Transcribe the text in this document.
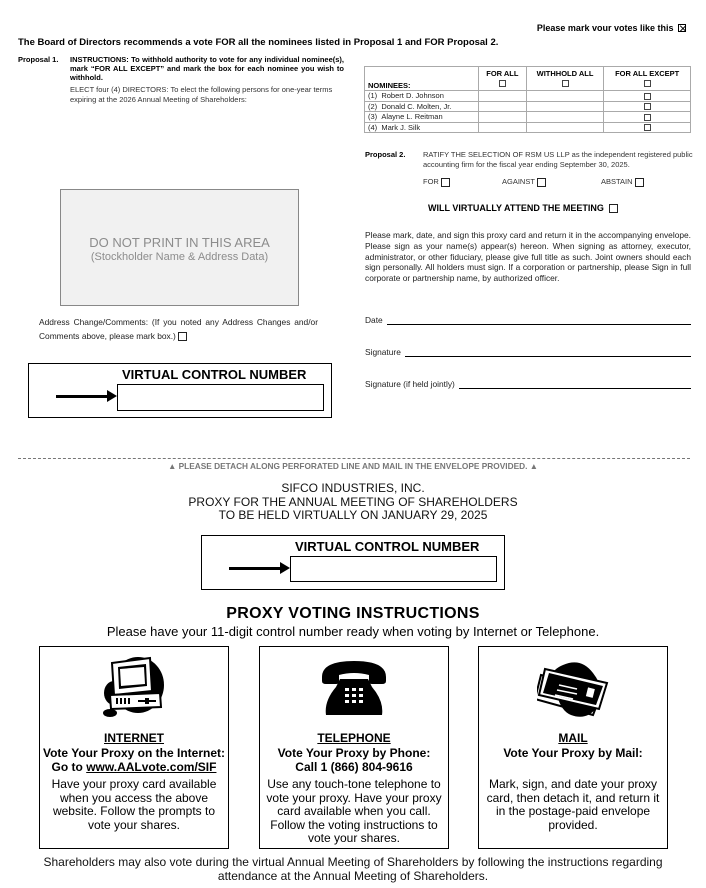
Please mark vour votes like this
The Board of Directors recommends a vote FOR all the nominees listed in Proposal 1 and FOR Proposal 2.
Proposal 1. INSTRUCTIONS: To withhold authority to vote for any individual nominee(s), mark “FOR ALL EXCEPT” and mark the box for each nominee you wish to withhold.
ELECT four (4) DIRECTORS: To elect the following persons for one-year terms expiring at the 2026 Annual Meeting of Shareholders:
NOMINEES:	FOR ALL	WITHHOLD ALL	FOR ALL EXCEPT

(1) Robert D. Johnson			
(2) Donald C. Molten, Jr.			
(3) Alayne L. Reitman			
(4) Mark J. Silk			
Proposal 2. RATIFY THE SELECTION OF RSM US LLP as the independent registered public accounting firm for the fiscal year ending September 30, 2025.
FOR	AGAINST	ABSTAIN
WILL VIRTUALLY ATTEND THE MEETING
Please mark, date, and sign this proxy card and return it in the accompanying envelope. Please sign as your name(s) appear(s) hereon. When signing as attorney, executor, administrator, or other fiduciary, please give full title as such. Joint owners should each sign personally. All holders must sign. If a corporation or partnership, please Sign in full corporate or partnership name, by authorized officer.
Date
Signature
Signature (if held jointly)
DO NOT PRINT IN THIS AREA
(Stockholder Name & Address Data)
Address Change/Comments: (If you noted any Address Changes and/or Comments above, please mark box.)
VIRTUAL CONTROL NUMBER
▲ PLEASE DETACH ALONG PERFORATED LINE AND MAIL IN THE ENVELOPE PROVIDED. ▲
SIFCO INDUSTRIES, INC.
PROXY FOR THE ANNUAL MEETING OF SHAREHOLDERS
TO BE HELD VIRTUALLY ON JANUARY 29, 2025
VIRTUAL CONTROL NUMBER
PROXY VOTING INSTRUCTIONS
Please have your 11-digit control number ready when voting by Internet or Telephone.
INTERNET
Vote Your Proxy on the Internet:
Go to www.AALvote.com/SIF
Have your proxy card available when you access the above website. Follow the prompts to vote your shares.
TELEPHONE
Vote Your Proxy by Phone:
Call 1 (866) 804-9616
Use any touch-tone telephone to vote your proxy. Have your proxy card available when you call. Follow the voting instructions to vote your shares.
MAIL
Vote Your Proxy by Mail:
Mark, sign, and date your proxy card, then detach it, and return it in the postage-paid envelope provided.
Shareholders may also vote during the virtual Annual Meeting of Shareholders by following the instructions regarding attendance at the Annual Meeting of Shareholders.
